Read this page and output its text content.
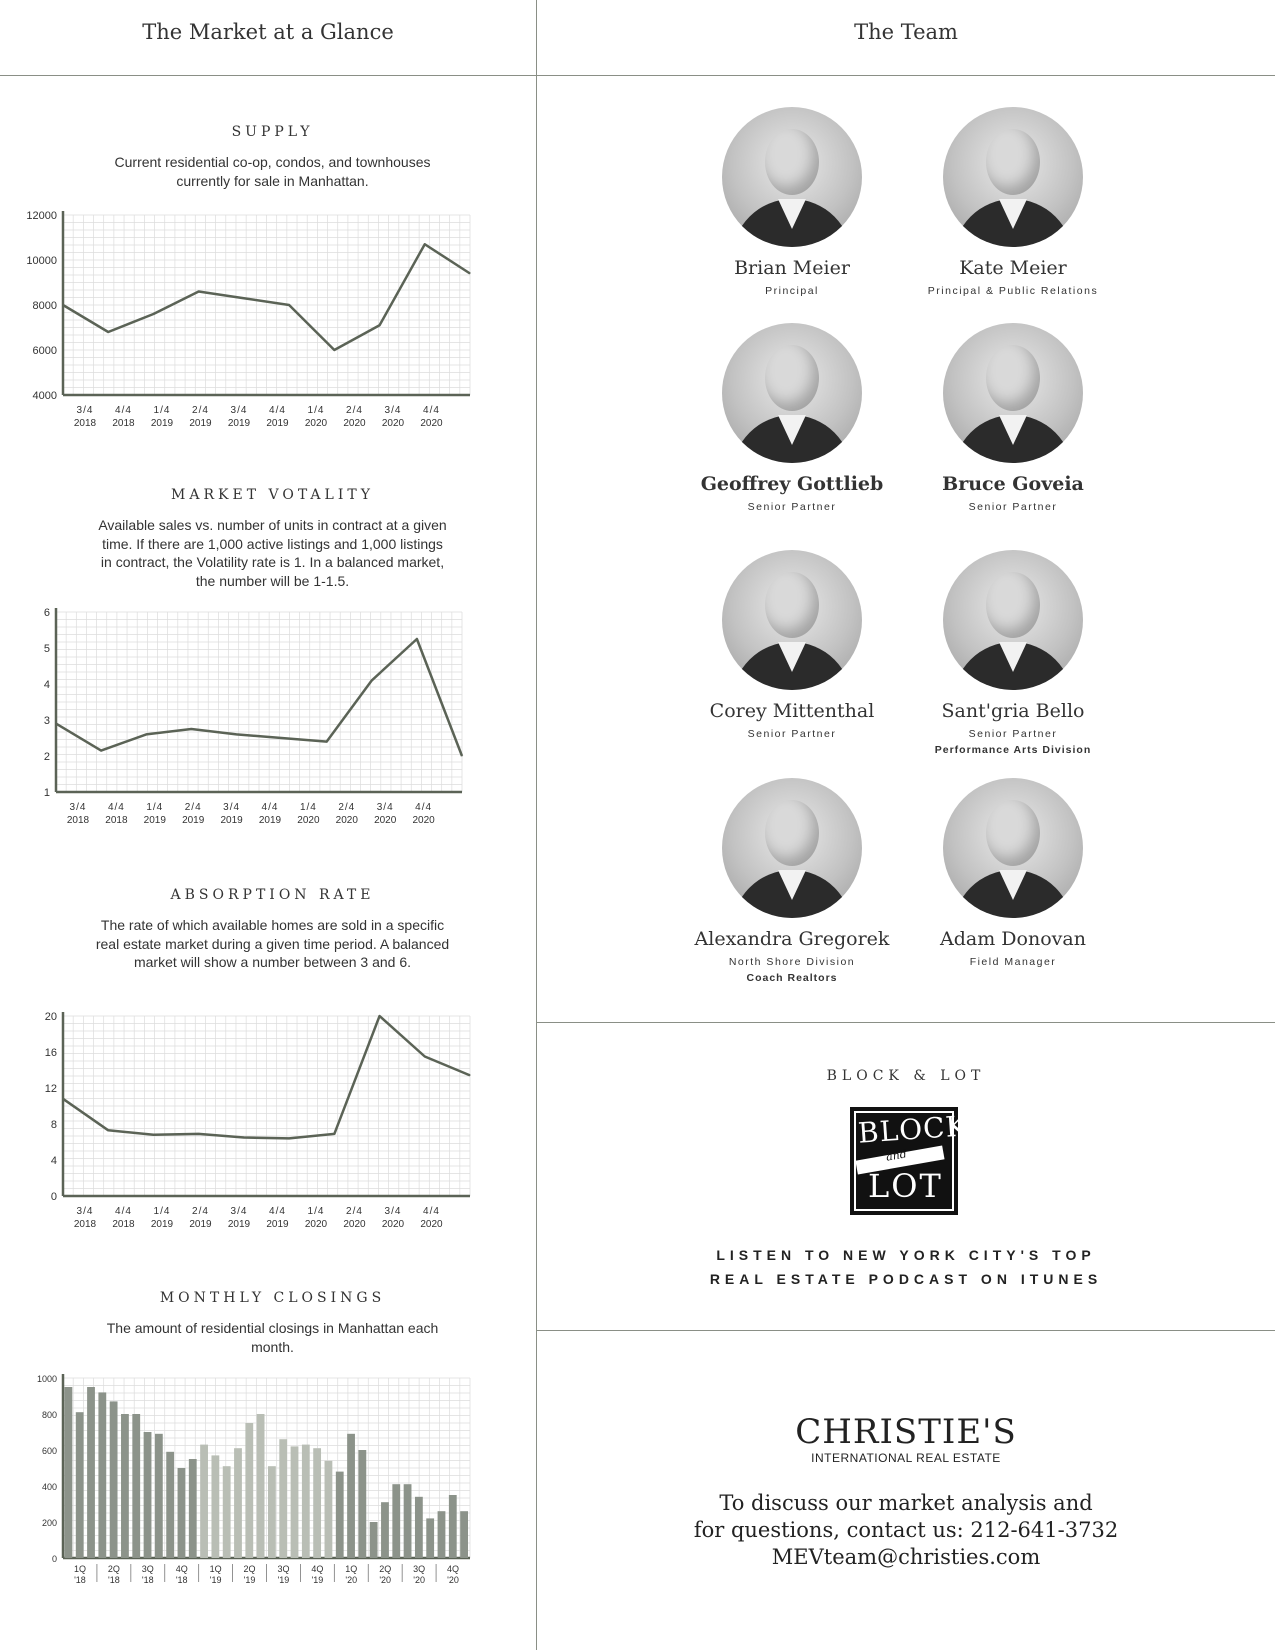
The Market at a Glance	The Team
SUPPLY
Current residential co-op, condos, and townhouses currently for sale in Manhattan.
4000
6000
8000
10000
12000
3/4
2018
4/4
2018
1/4
2019
2/4
2019
3/4
2019
4/4
2019
1/4
2020
2/4
2020
3/4
2020
4/4
2020
MARKET VOTALITY
Available sales vs. number of units in contract at a given time. If there are 1,000 active listings and 1,000 listings in contract, the Volatility rate is 1. In a balanced market, the number will be 1-1.5.
1
2
3
4
5
6
3/4
2018
4/4
2018
1/4
2019
2/4
2019
3/4
2019
4/4
2019
1/4
2020
2/4
2020
3/4
2020
4/4
2020
ABSORPTION RATE
The rate of which available homes are sold in a specific real estate market during a given time period. A balanced market will show a number between 3 and 6.
0
4
8
12
16
20
3/4
2018
4/4
2018
1/4
2019
2/4
2019
3/4
2019
4/4
2019
1/4
2020
2/4
2020
3/4
2020
4/4
2020
MONTHLY CLOSINGS
The amount of residential closings in Manhattan each month.
0
200
400
600
800
1000
1Q
'18
2Q
'18
3Q
'18
4Q
'18
1Q
'19
2Q
'19
3Q
'19
4Q
'19
1Q
'20
2Q
'20
3Q
'20
4Q
'20
Brian Meier
Principal
Kate Meier
Principal & Public Relations
Geoffrey Gottlieb
Senior Partner
Bruce Goveia
Senior Partner
Corey Mittenthal
Senior Partner
Sant'gria Bello
Senior Partner
Performance Arts Division
Alexandra Gregorek
North Shore Division
Coach Realtors
Adam Donovan
Field Manager
BLOCK & LOT
BLOCK
and
LOT
LISTEN TO NEW YORK CITY'S TOP
REAL ESTATE PODCAST ON ITUNES
CHRISTIE'S
INTERNATIONAL REAL ESTATE
To discuss our market analysis and
for questions, contact us: 212-641-3732
MEVteam@christies.com
